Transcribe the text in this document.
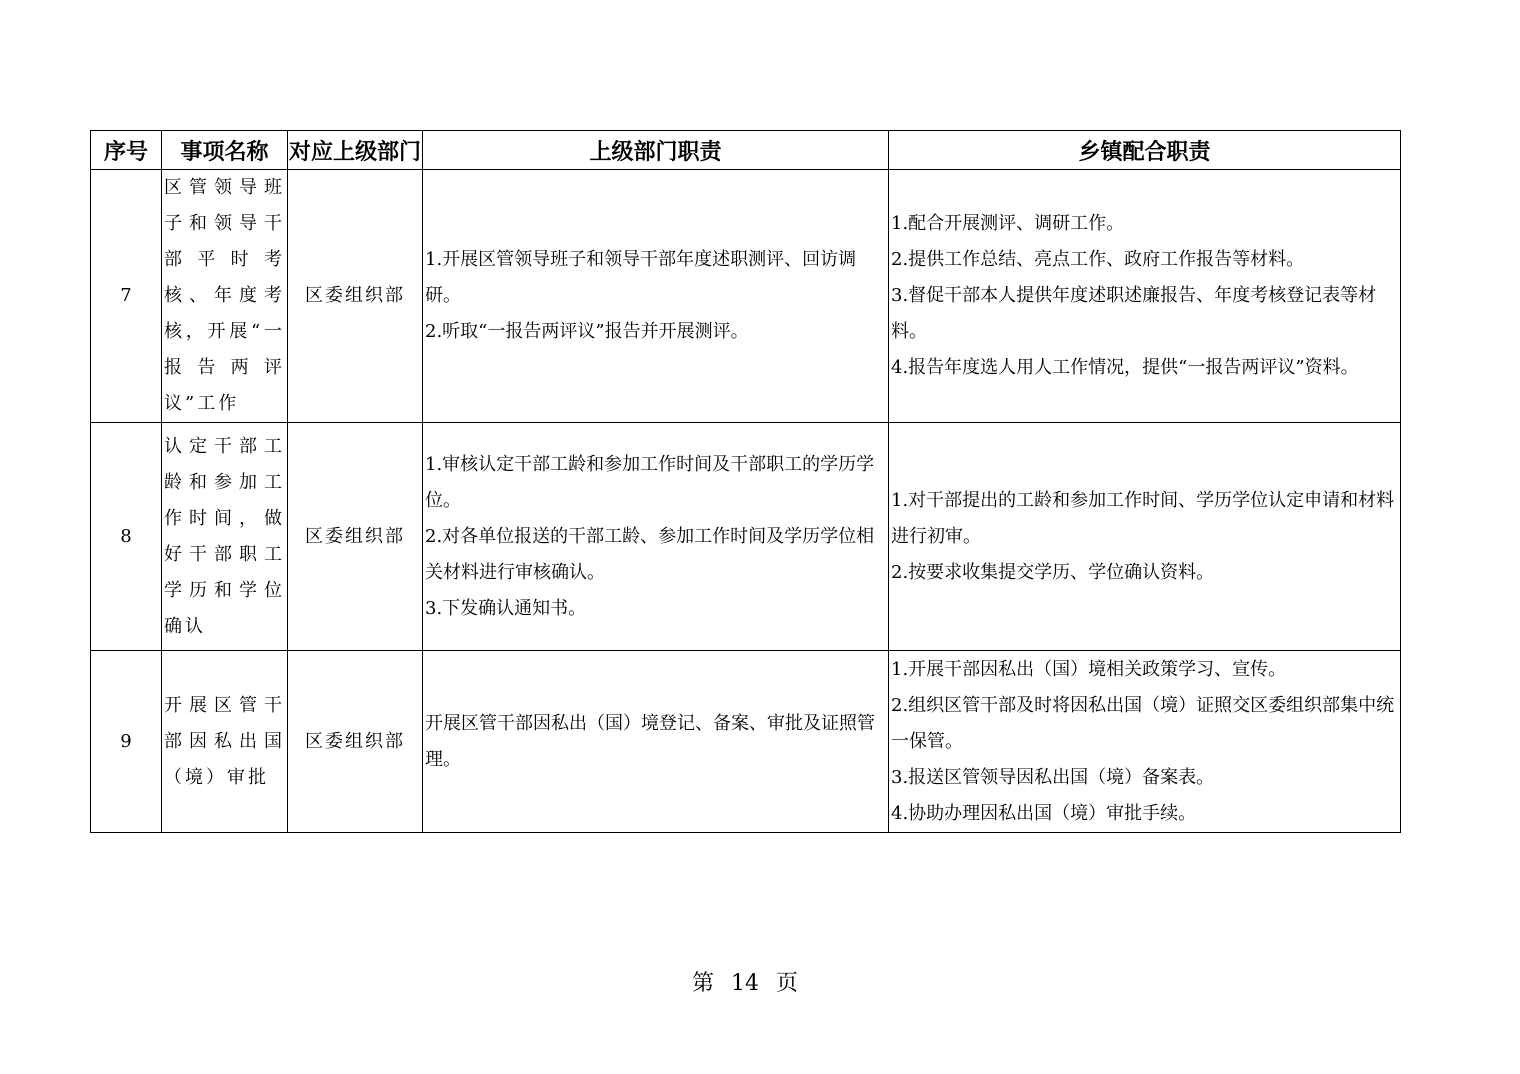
序号	事项名称	对应上级部门	上级部门职责	乡镇配合职责
7	区管领导班子和领导干部平时考核、年度考核，开展“一报告两评议”工作	区委组织部	1.开展区管领导班子和领导干部年度述职测评、回访调研。
2.听取“一报告两评议”报告并开展测评。	1.配合开展测评、调研工作。
2.提供工作总结、亮点工作、政府工作报告等材料。
3.督促干部本人提供年度述职述廉报告、年度考核登记表等材料。
4.报告年度选人用人工作情况，提供“一报告两评议”资料。

8	认定干部工龄和参加工作时间，做好干部职工学历和学位确认	区委组织部	1.审核认定干部工龄和参加工作时间及干部职工的学历学位。
2.对各单位报送的干部工龄、参加工作时间及学历学位相关材料进行审核确认。
3.下发确认通知书。	1.对干部提出的工龄和参加工作时间、学历学位认定申请和材料进行初审。
2.按要求收集提交学历、学位确认资料。

9	开展区管干部因私出国（境）审批	区委组织部	开展区管干部因私出（国）境登记、备案、审批及证照管理。	1.开展干部因私出（国）境相关政策学习、宣传。
2.组织区管干部及时将因私出国（境）证照交区委组织部集中统一保管。
3.报送区管领导因私出国（境）备案表。
4.协助办理因私出国（境）审批手续。
第 14 页
